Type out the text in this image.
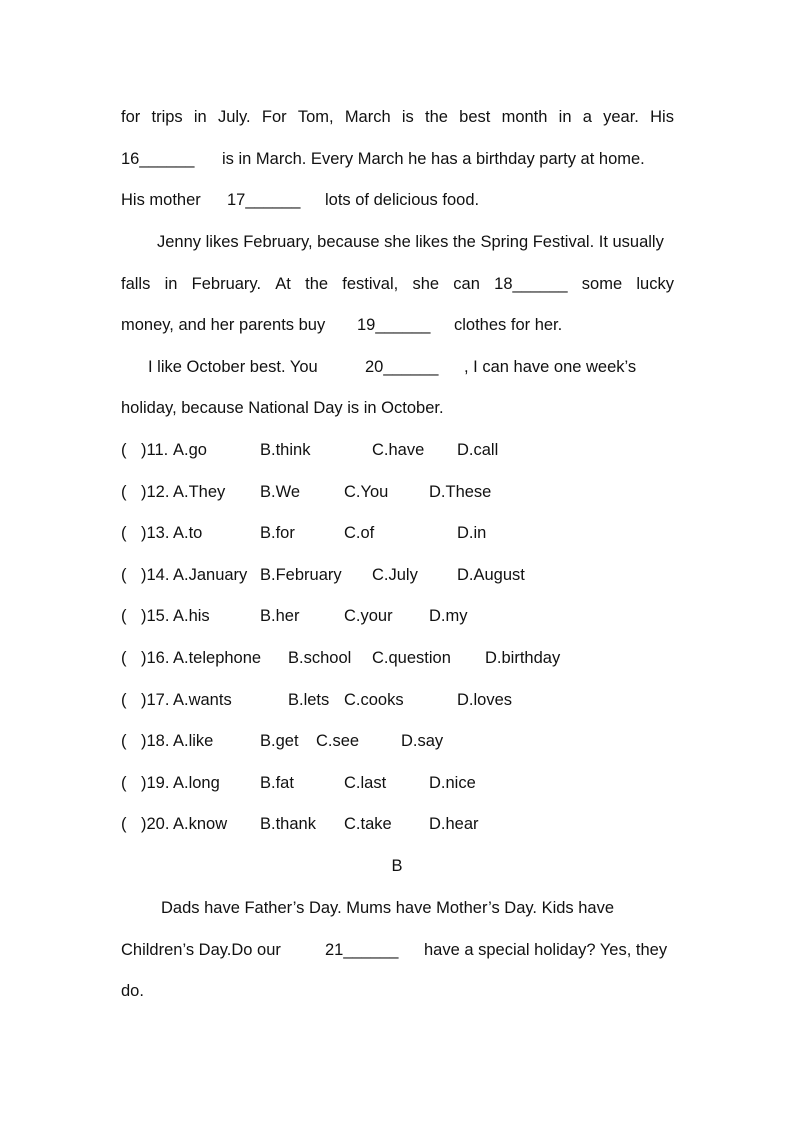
for trips in July. For Tom, March is the best month in a year. His
16______ is in March. Every March he has a birthday party at home.
His mother 17______ lots of delicious food.
Jenny likes February, because she likes the Spring Festival. It usually
falls in February. At the festival, she can 18______ some lucky
money, and her parents buy 19______ clothes for her.
I like October best. You	20______ , I can have one week’s
holiday, because National Day is in October.
( )11. A.go	B.think	C.have D.call
( )12. A.They B.We	C.You D.These
( )13. A.to	B.for	C.of	D.in
( )14. A.January B.February C.July D.August
( )15. A.his	B.her	C.your D.my
( )16. A.telephone B.school C.question D.birthday
( )17. A.wants	B.lets C.cooks	D.loves
( )18. A.like	B.get C.see	D.say
( )19. A.long B.fat	C.last	D.nice
( )20. A.know B.thank C.take D.hear
B
Dads have Father’s Day. Mums have Mother’s Day. Kids have
Children’s Day.Do our	21______ have a special holiday? Yes, they
do.
